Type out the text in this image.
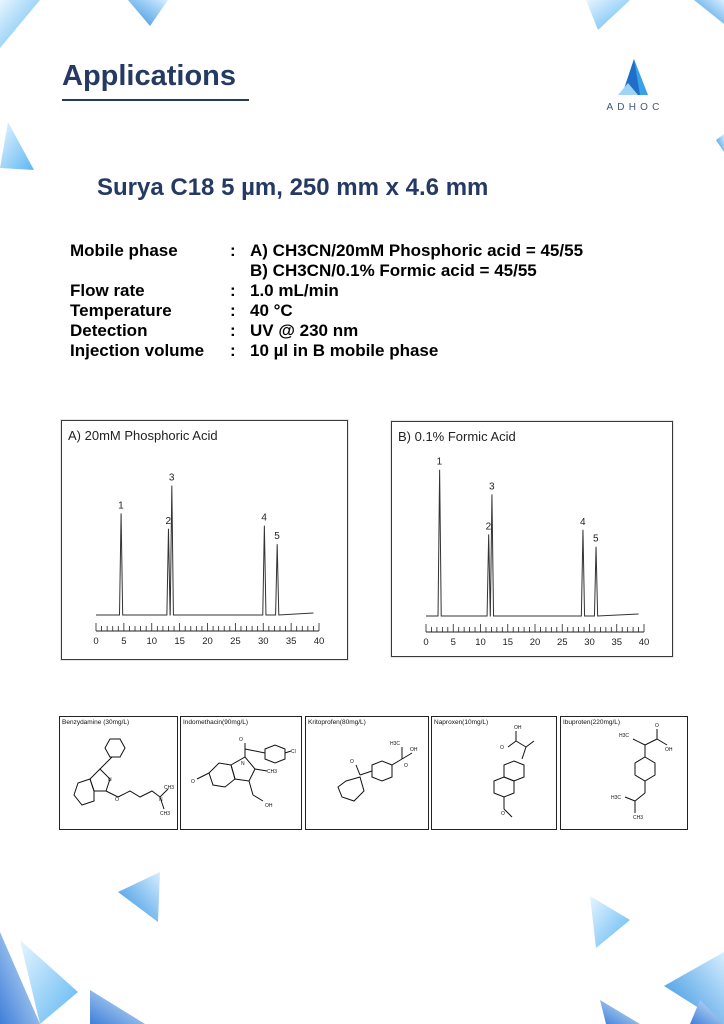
Applications
ADHOC
Surya C18 5 µm, 250 mm x 4.6 mm
Mobile phase	: A) CH3CN/20mM Phosphoric acid = 45/55
B) CH3CN/0.1% Formic acid = 45/55
Flow rate	: 1.0 mL/min
Temperature	: 40 °C
Detection	: UV @ 230 nm
Injection volume : 10 µl in B mobile phase
1
2
3
4
5
0 5 10 15 20 25 30 35 40
A) 20mM Phosphoric Acid
1
2
3
4
5
0 5 10 15 20 25 30 35 40
B) 0.1% Formic Acid
CH3
N
CH3
N
O
Benzydamine (30mg/L)
O
Cl
N
CH3
O
OH
Indomethacin(90mg/L)
H3C
OH
O
O
Kritoprofen(80mg/L)
OH
O
O
Naproxen(10mg/L)
H3C
O
OH
H3C
CH3
Ibuproten(220mg/L)
